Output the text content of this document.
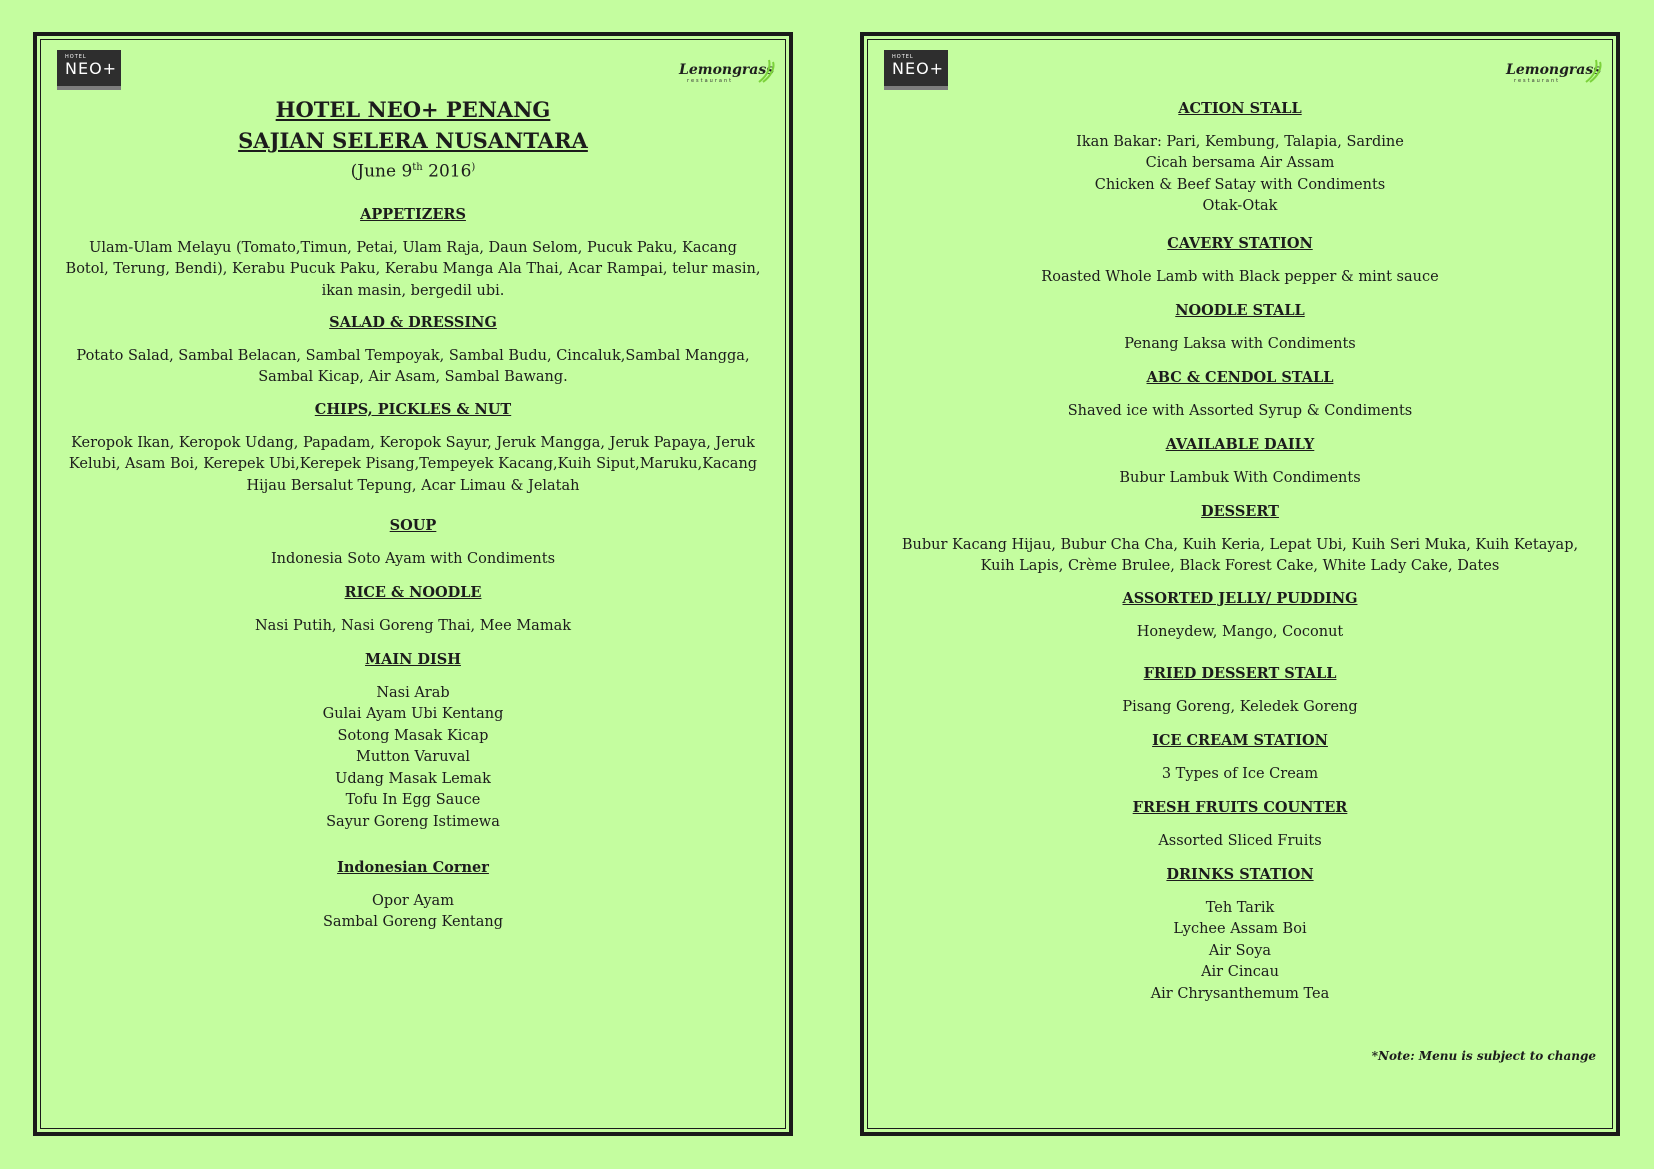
HOTEL
NEO+	Lemongrass
restaurant
HOTEL NEO+ PENANG
SAJIAN SELERA NUSANTARA
(June 9th 2016)
APPETIZERS
Ulam-Ulam Melayu (Tomato,Timun, Petai, Ulam Raja, Daun Selom, Pucuk Paku, Kacang
Botol, Terung, Bendi), Kerabu Pucuk Paku, Kerabu Manga Ala Thai, Acar Rampai, telur masin,
ikan masin, bergedil ubi.
SALAD & DRESSING
Potato Salad, Sambal Belacan, Sambal Tempoyak, Sambal Budu, Cincaluk,Sambal Mangga,
Sambal Kicap, Air Asam, Sambal Bawang.
CHIPS, PICKLES & NUT
Keropok Ikan, Keropok Udang, Papadam, Keropok Sayur, Jeruk Mangga, Jeruk Papaya, Jeruk
Kelubi, Asam Boi, Kerepek Ubi,Kerepek Pisang,Tempeyek Kacang,Kuih Siput,Maruku,Kacang
Hijau Bersalut Tepung, Acar Limau & Jelatah
SOUP
Indonesia Soto Ayam with Condiments
RICE & NOODLE
Nasi Putih, Nasi Goreng Thai, Mee Mamak
MAIN DISH
Nasi Arab
Gulai Ayam Ubi Kentang
Sotong Masak Kicap
Mutton Varuval
Udang Masak Lemak
Tofu In Egg Sauce
Sayur Goreng Istimewa
Indonesian Corner
Opor Ayam
Sambal Goreng Kentang
HOTEL
NEO+	Lemongrass
restaurant
ACTION STALL
Ikan Bakar: Pari, Kembung, Talapia, Sardine
Cicah bersama Air Assam
Chicken & Beef Satay with Condiments
Otak-Otak
CAVERY STATION
Roasted Whole Lamb with Black pepper & mint sauce
NOODLE STALL
Penang Laksa with Condiments
ABC & CENDOL STALL
Shaved ice with Assorted Syrup & Condiments
AVAILABLE DAILY
Bubur Lambuk With Condiments
DESSERT
Bubur Kacang Hijau, Bubur Cha Cha, Kuih Keria, Lepat Ubi, Kuih Seri Muka, Kuih Ketayap,
Kuih Lapis, Crème Brulee, Black Forest Cake, White Lady Cake, Dates
ASSORTED JELLY/ PUDDING
Honeydew, Mango, Coconut
FRIED DESSERT STALL
Pisang Goreng, Keledek Goreng
ICE CREAM STATION
3 Types of Ice Cream
FRESH FRUITS COUNTER
Assorted Sliced Fruits
DRINKS STATION
Teh Tarik
Lychee Assam Boi
Air Soya
Air Cincau
Air Chrysanthemum Tea
*Note: Menu is subject to change
